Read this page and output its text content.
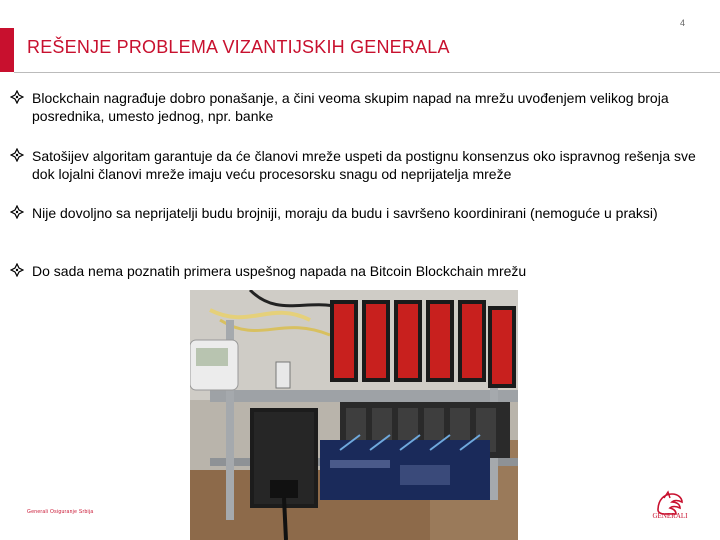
4
REŠENJE PROBLEMA VIZANTIJSKIH GENERALA
Blockchain nagrađuje dobro ponašanje, a čini veoma skupim napad na mrežu uvođenjem velikog broja posrednika, umesto jednog, npr. banke
Satošijev algoritam garantuje da će članovi mreže uspeti da postignu konsenzus oko ispravnog rešenja sve dok lojalni članovi mreže imaju veću procesorsku snagu od neprijatelja mreže
Nije dovoljno sa neprijatelji budu brojniji, moraju da budu i savršeno koordinirani (nemoguće u praksi)
Do sada nema poznatih primera uspešnog napada na Bitcoin Blockchain mrežu
Generali Osiguranje Srbija	GENERALI
